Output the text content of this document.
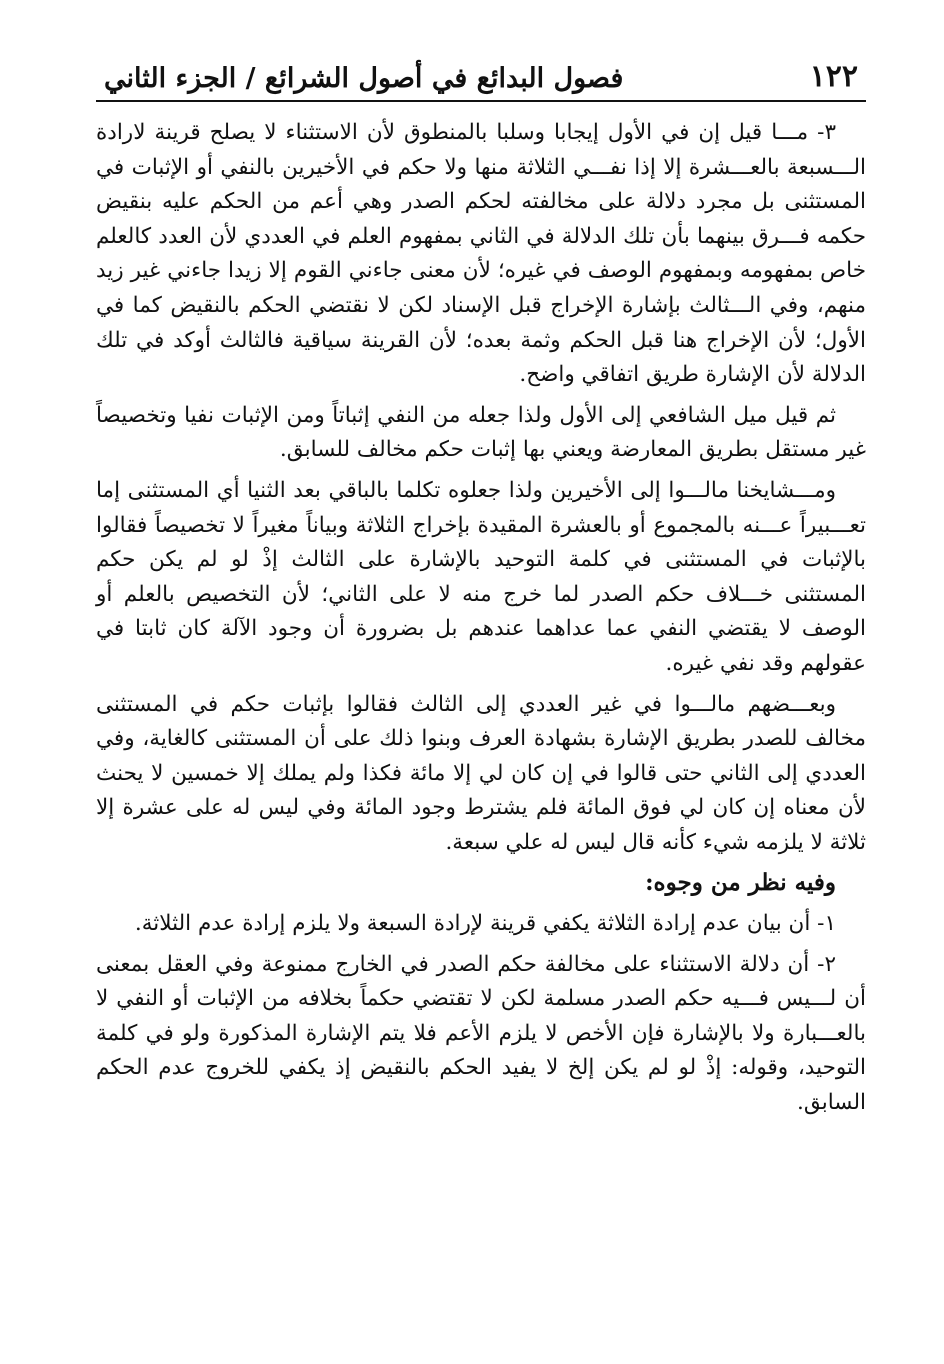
١٢٢
فصول البدائع في أصول الشرائع / الجزء الثاني

٣- مـــا قيل إن في الأول إيجابا وسلبا بالمنطوق لأن الاستثناء لا يصلح قرينة لارادة الـــسبعة بالعـــشرة إلا إذا نفـــي الثلاثة منها ولا حكم في الأخيرين بالنفي أو الإثبات في المستثنى بل مجرد دلالة على مخالفته لحكم الصدر وهي أعم من الحكم عليه بنقيض حكمه فـــرق بينهما بأن تلك الدلالة في الثاني بمفهوم العلم في العددي لأن العدد كالعلم خاص بمفهومه وبمفهوم الوصف في غيره؛ لأن معنى جاءني القوم إلا زيدا جاءني غير زيد منهم، وفي الـــثالث بإشارة الإخراج قبل الإسناد لكن لا نقتضي الحكم بالنقيض كما في الأول؛ لأن الإخراج هنا قبل الحكم وثمة بعده؛ لأن القرينة سياقية فالثالث أوكد في تلك الدلالة لأن الإشارة طريق اتفاقي واضح.

ثم قيل ميل الشافعي إلى الأول ولذا جعله من النفي إثباتاً ومن الإثبات نفيا وتخصيصاً غير مستقل بطريق المعارضة ويعني بها إثبات حكم مخالف للسابق.

ومـــشايخنا مالـــوا إلى الأخيرين ولذا جعلوه تكلما بالباقي بعد الثنيا أي المستثنى إما تعـــبيراً عـــنه بالمجموع أو بالعشرة المقيدة بإخراج الثلاثة وبياناً مغيراً لا تخصيصاً فقالوا بالإثبات في المستثنى في كلمة التوحيد بالإشارة على الثالث إذْ لو لم يكن حكم المستثنى خـــلاف حكم الصدر لما خرج منه لا على الثاني؛ لأن التخصيص بالعلم أو الوصف لا يقتضي النفي عما عداهما عندهم بل بضرورة أن وجود الآلة كان ثابتا في عقولهم وقد نفي غيره.

وبعـــضهم مالـــوا في غير العددي إلى الثالث فقالوا بإثبات حكم في المستثنى مخالف للصدر بطريق الإشارة بشهادة العرف وبنوا ذلك على أن المستثنى كالغاية، وفي العددي إلى الثاني حتى قالوا في إن كان لي إلا مائة فكذا ولم يملك إلا خمسين لا يحنث لأن معناه إن كان لي فوق المائة فلم يشترط وجود المائة وفي ليس له على عشرة إلا ثلاثة لا يلزمه شيء كأنه قال ليس له علي سبعة.

وفيه نظر من وجوه:

١- أن بيان عدم إرادة الثلاثة يكفي قرينة لإرادة السبعة ولا يلزم إرادة عدم الثلاثة.

٢- أن دلالة الاستثناء على مخالفة حكم الصدر في الخارج ممنوعة وفي العقل بمعنى أن لـــيس فـــيه حكم الصدر مسلمة لكن لا تقتضي حكماً بخلافه من الإثبات أو النفي لا بالعـــبارة ولا بالإشارة فإن الأخص لا يلزم الأعم فلا يتم الإشارة المذكورة ولو في كلمة التوحيد، وقوله: إذْ لو لم يكن إلخ لا يفيد الحكم بالنقيض إذ يكفي للخروج عدم الحكم السابق.
